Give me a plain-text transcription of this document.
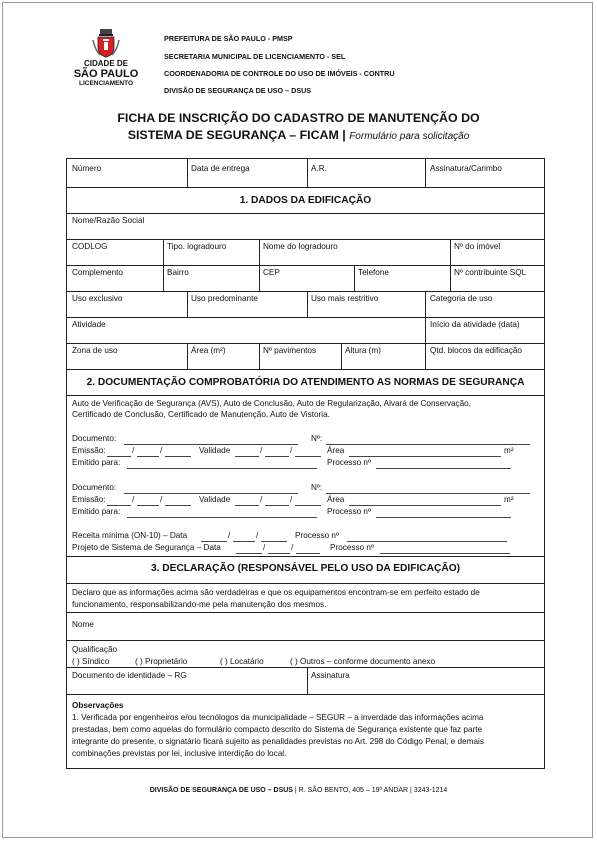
CIDADE DE
SÃO PAULO
LICENCIAMENTO
PREFEITURA DE SÃO PAULO - PMSP
SECRETARIA MUNICIPAL DE LICENCIAMENTO - SEL
COORDENADORIA DE CONTROLE DO USO DE IMÓVEIS - CONTRU
DIVISÃO DE SEGURANÇA DE USO – DSUS
FICHA DE INSCRIÇÃO DO CADASTRO DE MANUTENÇÃO DO
SISTEMA DE SEGURANÇA – FICAM | Formulário para solicitação
Número	Data de entrega	A.R.	Assinatura/Carimbo
1. DADOS DA EDIFICAÇÃO
Nome/Razão Social
CODLOG	Tipo. logradouro	Nome do logradouro	Nº do imóvel
Complemento	Bairro	CEP	Telefone	Nº contribuinte SQL
Uso exclusivo	Uso predominante	Uso mais restritivo	Categoria de uso
Atividade	Início da atividade (data)
Zona de uso	Área (m²)	Nº pavimentos	Altura (m)	Qtd. blocos da edificação
2. DOCUMENTAÇÃO COMPROBATÓRIA DO ATENDIMENTO AS NORMAS DE SEGURANÇA
Auto de Verificação de Segurança (AVS), Auto de Conclusão, Auto de Regularização, Alvará de Conservação,
Certificado de Conclusão, Certificado de Manutenção, Auto de Vistoria.
Documento:	Nº:
Emissão:	/	/	Validade	/	/	Área	m²
Emitido para:	Processo nº
Documento:	Nº:
Emissão:	/	/	Validade	/	/	Área	m²
Emitido para:	Processo nº
Receita mínima (ON-10) – Data	/	/	Processo nº
Projeto de Sistema de Segurança – Data	/	/	Processo nº
3. DECLARAÇÃO (RESPONSÁVEL PELO USO DA EDIFICAÇÃO)
Declaro que as informações acima são verdadeiras e que os equipamentos encontram-se em perfeito estado de
funcionamento, responsabilizando-me pela manutenção dos mesmos.
Nome
Qualificação
( ) Síndico	( ) Proprietário	( ) Locatário	( ) Outros – conforme documento anexo
Documento de identidade – RG	Assinatura
Observações
1. Verificada por engenheiros e/ou tecnólogos da municipalidade – SEGUR – a inverdade das informações acima
prestadas, bem como aquelas do formulário compacto descrito do Sistema de Segurança existente que faz parte
integrante do presente, o signatário ficará sujeito as penalidades previstas no Art. 298 do Código Penal, e demais
combinações previstas por lei, inclusive interdição do local.
DIVISÃO DE SEGURANÇA DE USO – DSUS | R. SÃO BENTO, 405 – 19º ANDAR | 3243-1214
